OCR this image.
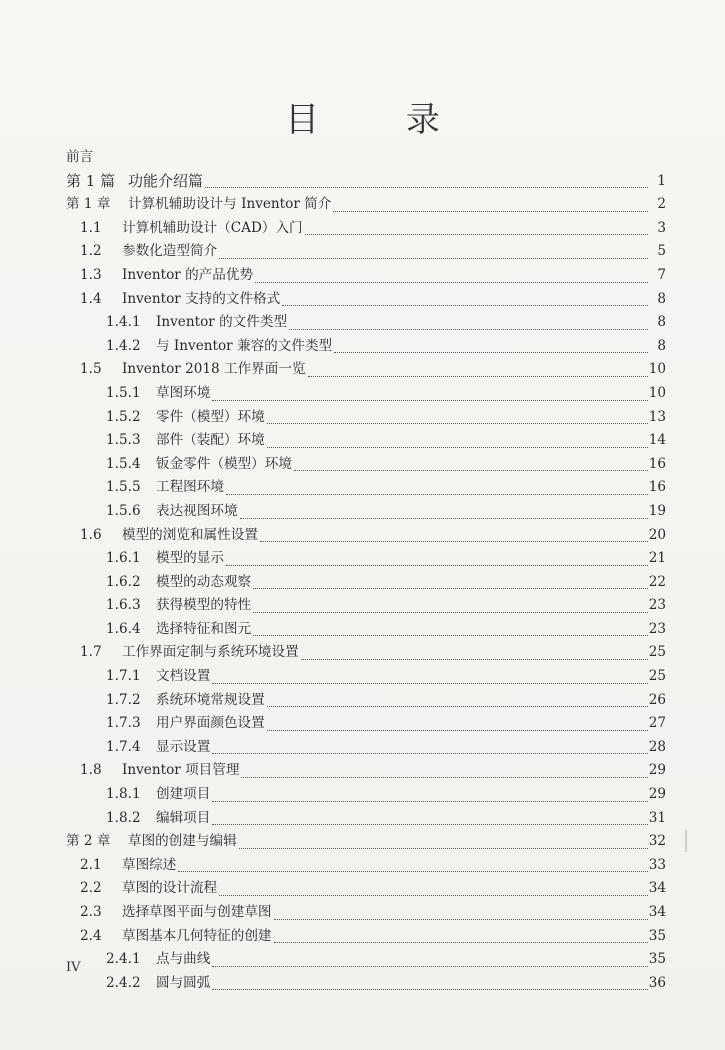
目 录
前言
第 1 篇 功能介绍篇	1
第 1 章 计算机辅助设计与 Inventor 简介	2
1.1 计算机辅助设计（CAD）入门	3
1.2 参数化造型简介	5
1.3 Inventor 的产品优势	7
1.4 Inventor 支持的文件格式	8
1.4.1 Inventor 的文件类型	8
1.4.2 与 Inventor 兼容的文件类型	8
1.5 Inventor 2018 工作界面一览	10
1.5.1 草图环境	10
1.5.2 零件（模型）环境	13
1.5.3 部件（装配）环境	14
1.5.4 钣金零件（模型）环境	16
1.5.5 工程图环境	16
1.5.6 表达视图环境	19
1.6 模型的浏览和属性设置	20
1.6.1 模型的显示	21
1.6.2 模型的动态观察	22
1.6.3 获得模型的特性	23
1.6.4 选择特征和图元	23
1.7 工作界面定制与系统环境设置	25
1.7.1 文档设置	25
1.7.2 系统环境常规设置	26
1.7.3 用户界面颜色设置	27
1.7.4 显示设置	28
1.8 Inventor 项目管理	29
1.8.1 创建项目	29
1.8.2 编辑项目	31
第 2 章 草图的创建与编辑	32
2.1 草图综述	33
2.2 草图的设计流程	34
2.3 选择草图平面与创建草图	34
2.4 草图基本几何特征的创建	35
2.4.1 点与曲线	35
2.4.2 圆与圆弧	36
IV
